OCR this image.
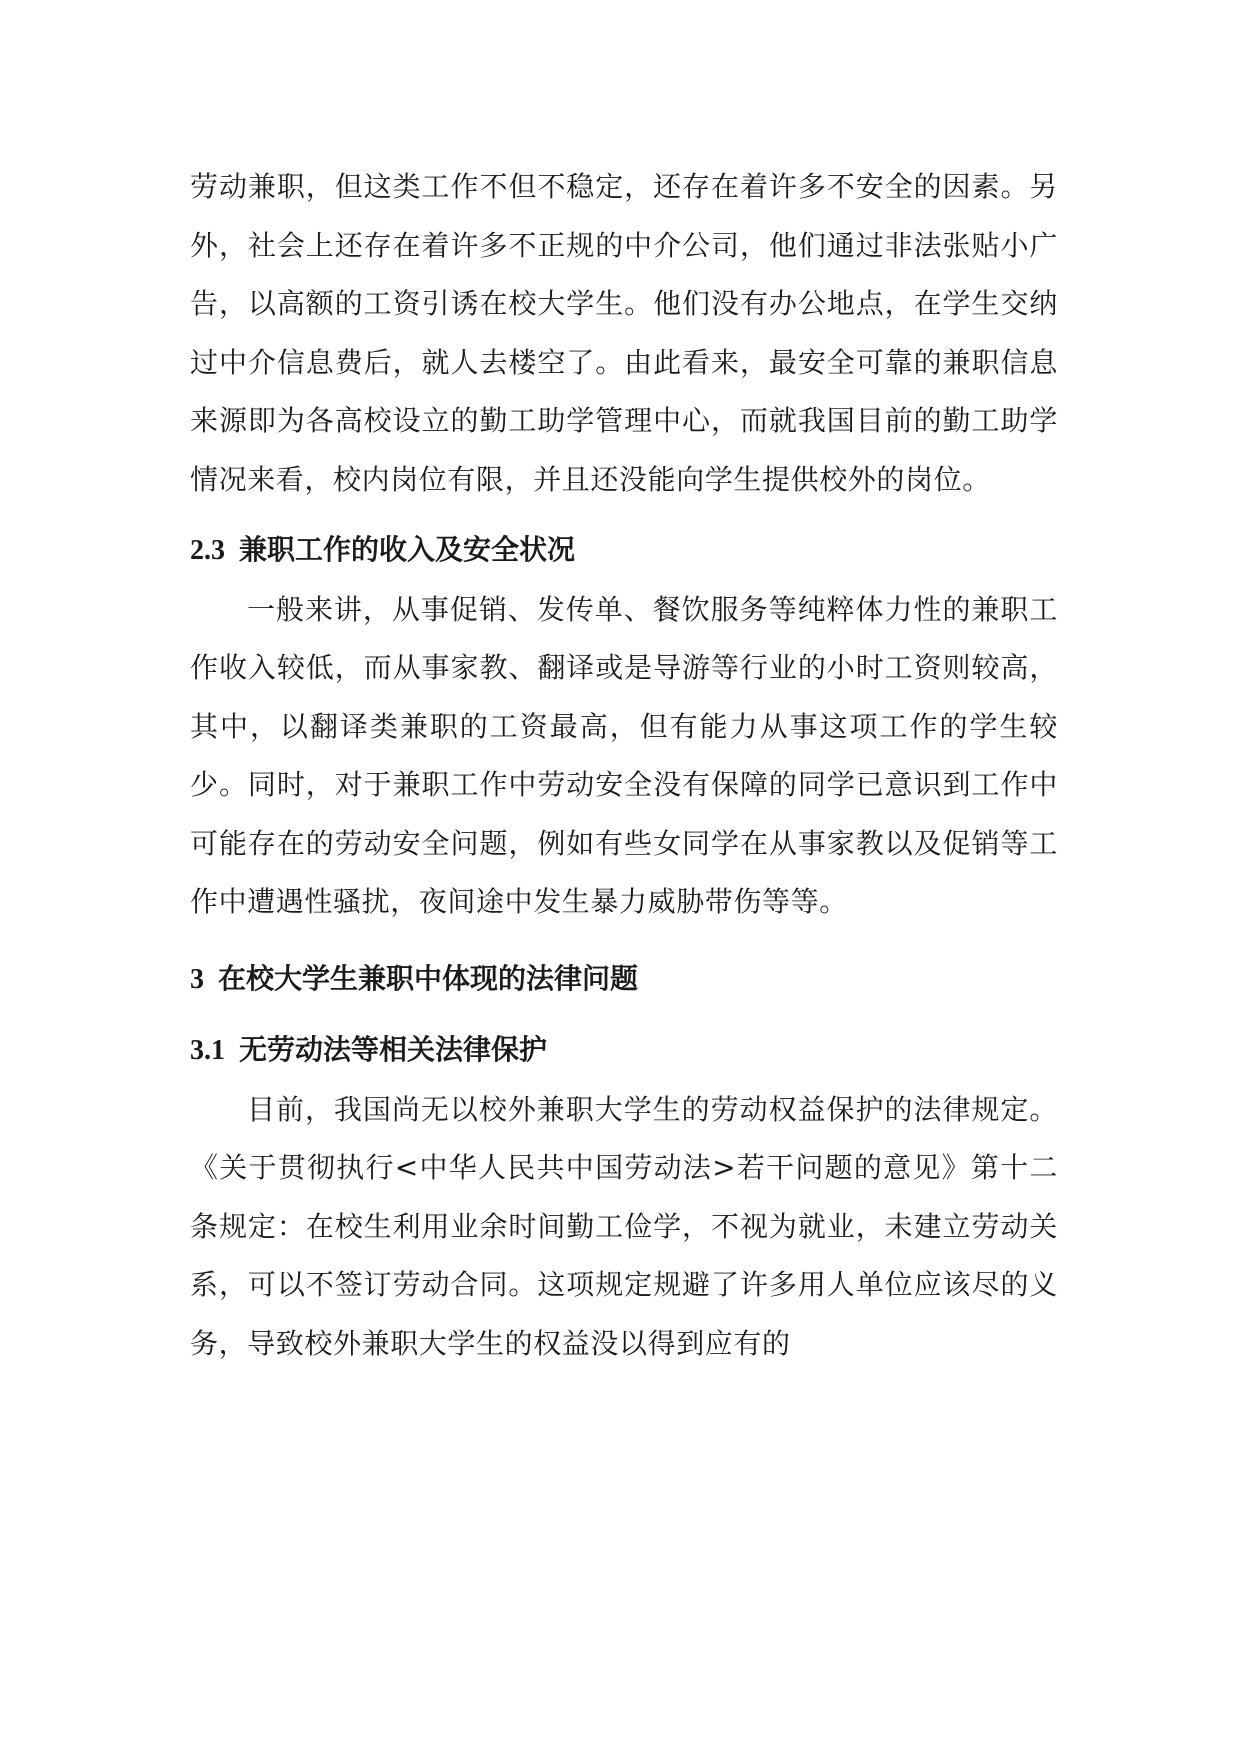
劳动兼职，但这类工作不但不稳定，还存在着许多不安全的因素。另外，社会上还存在着许多不正规的中介公司，他们通过非法张贴小广告，以高额的工资引诱在校大学生。他们没有办公地点，在学生交纳过中介信息费后，就人去楼空了。由此看来，最安全可靠的兼职信息来源即为各高校设立的勤工助学管理中心，而就我国目前的勤工助学情况来看，校内岗位有限，并且还没能向学生提供校外的岗位。

2.3 兼职工作的收入及安全状况

一般来讲，从事促销、发传单、餐饮服务等纯粹体力性的兼职工作收入较低，而从事家教、翻译或是导游等行业的小时工资则较高，其中，以翻译类兼职的工资最高，但有能力从事这项工作的学生较少。同时，对于兼职工作中劳动安全没有保障的同学已意识到工作中可能存在的劳动安全问题，例如有些女同学在从事家教以及促销等工作中遭遇性骚扰，夜间途中发生暴力威胁带伤等等。

3 在校大学生兼职中体现的法律问题
3.1 无劳动法等相关法律保护

目前，我国尚无以校外兼职大学生的劳动权益保护的法律规定。《关于贯彻执行<中华人民共中国劳动法>若干问题的意见》第十二条规定：在校生利用业余时间勤工俭学，不视为就业，未建立劳动关系，可以不签订劳动合同。这项规定规避了许多用人单位应该尽的义务，导致校外兼职大学生的权益没以得到应有的
